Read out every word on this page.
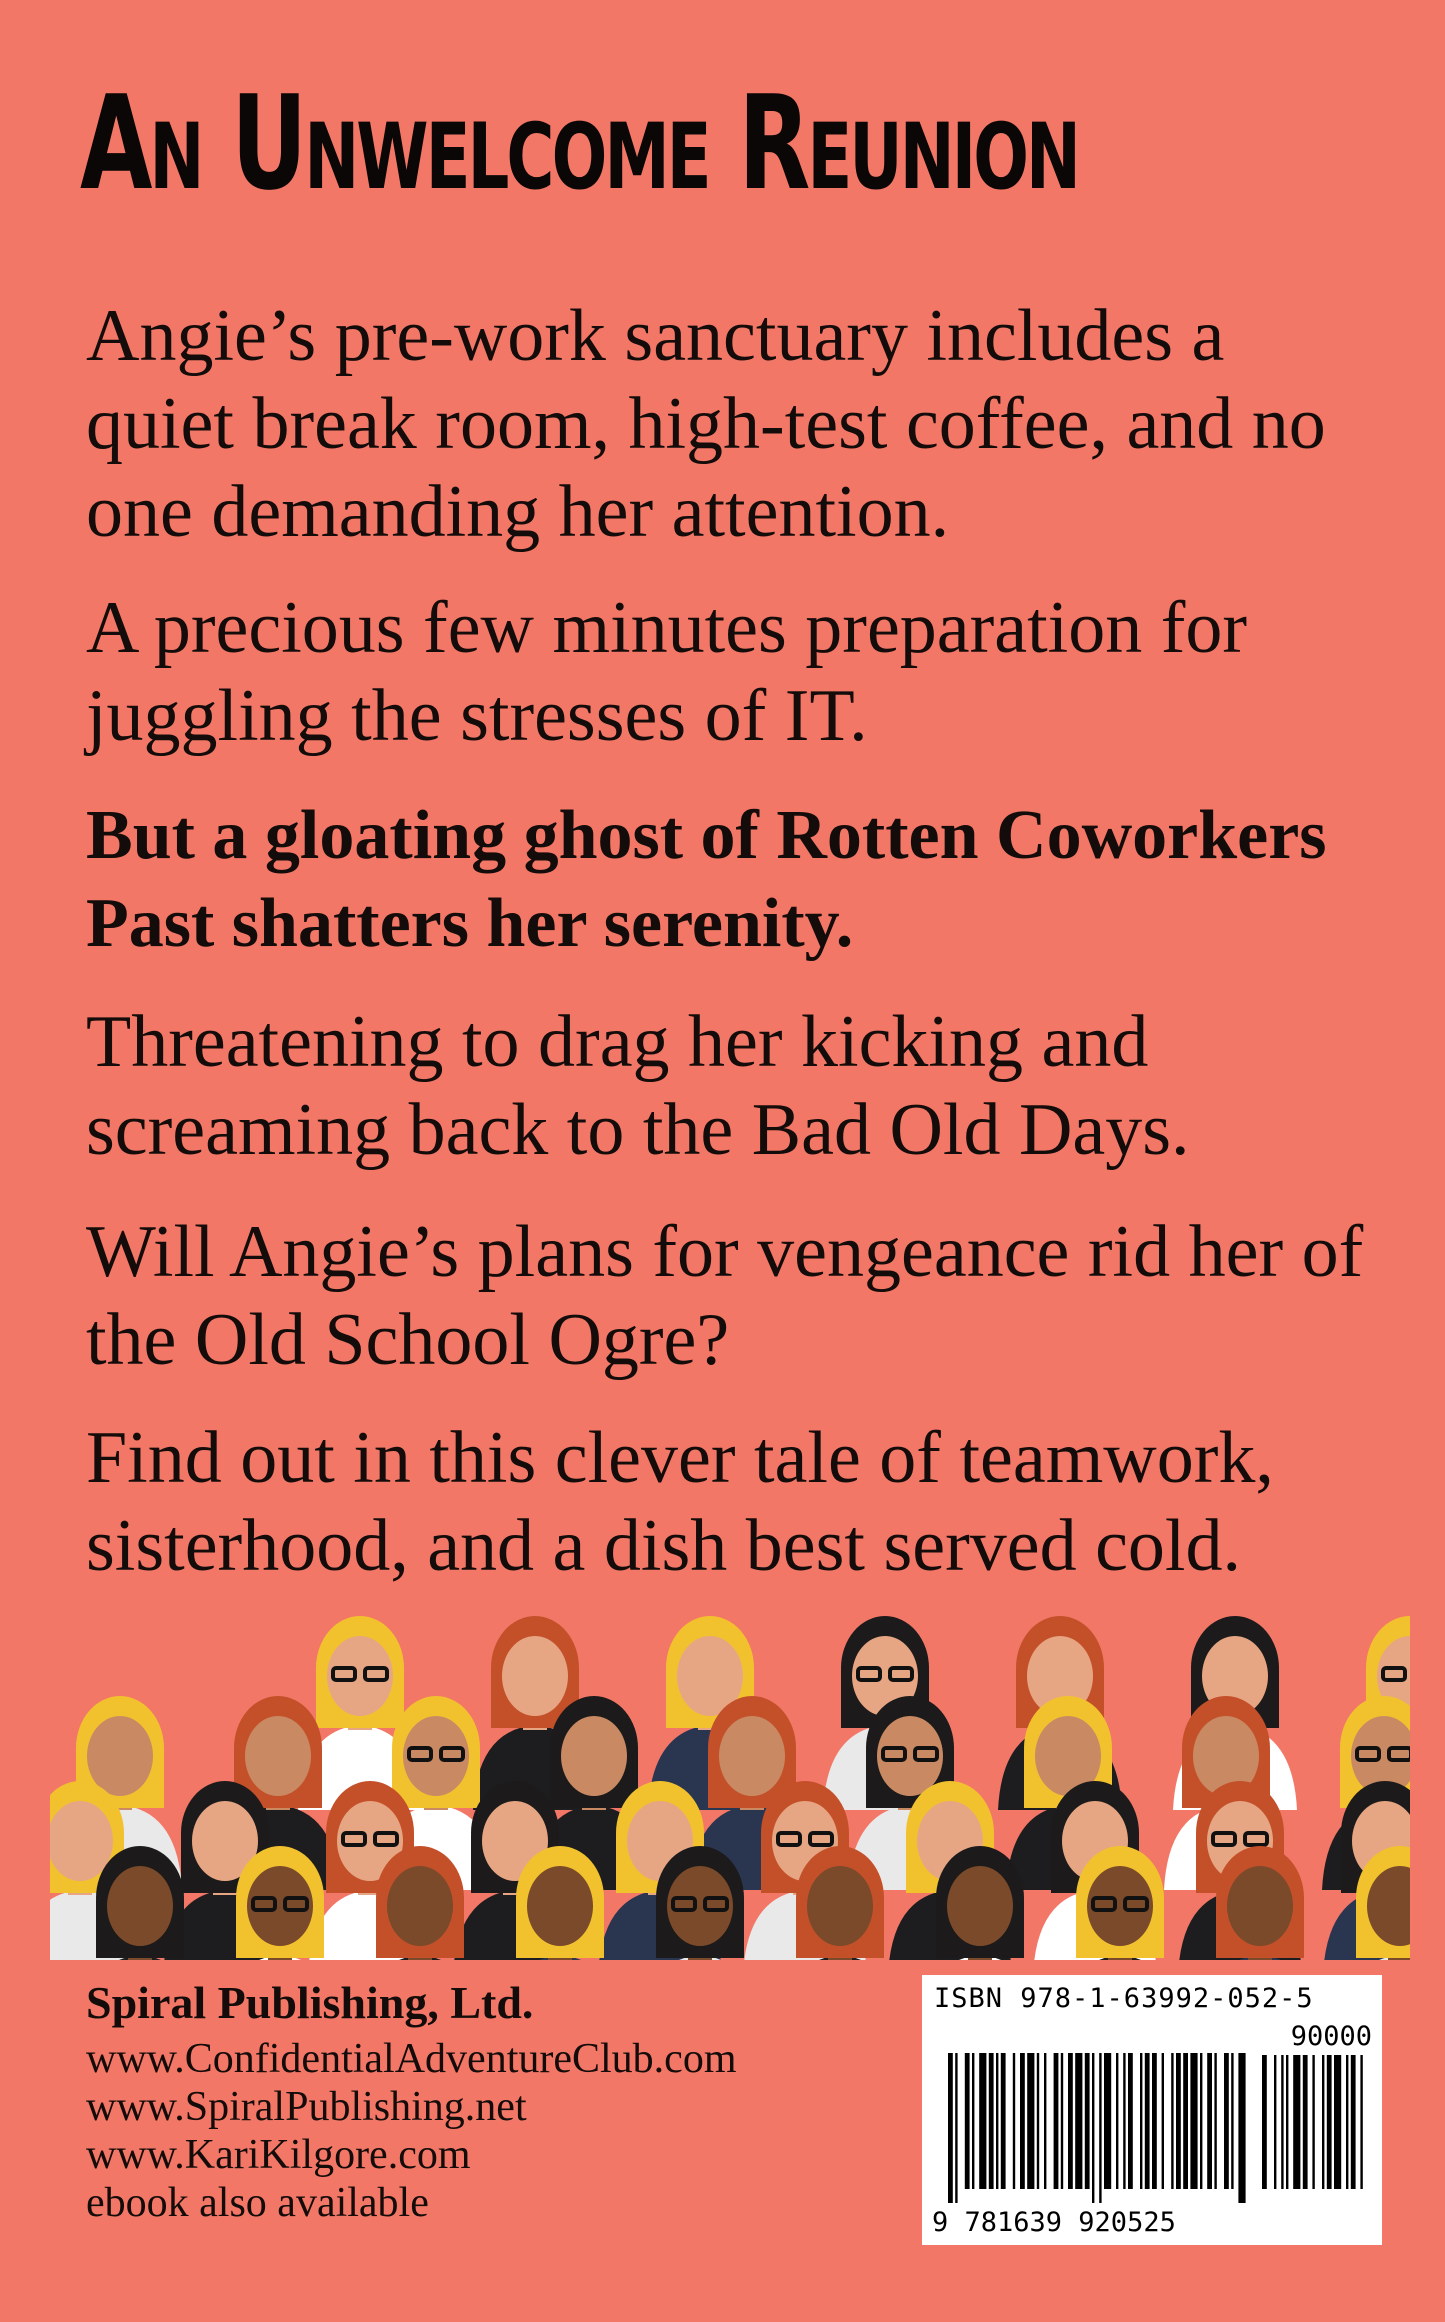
An Unwelcome Reunion

Angie’s pre-work sanctuary includes a quiet break room, high-test coffee, and no one demanding her attention.

A precious few minutes preparation for juggling the stresses of IT.

But a gloating ghost of Rotten Coworkers Past shatters her serenity.

Threatening to drag her kicking and screaming back to the Bad Old Days.

Will Angie’s plans for vengeance rid her of the Old School Ogre?

Find out in this clever tale of teamwork, sisterhood, and a dish best served cold.

Spiral Publishing, Ltd.

www.ConfidentialAdventureClub.com
www.SpiralPublishing.net
www.KariKilgore.com
ebook also available
ISBN 978-1-63992-052-5
90000
9 781639 920525
